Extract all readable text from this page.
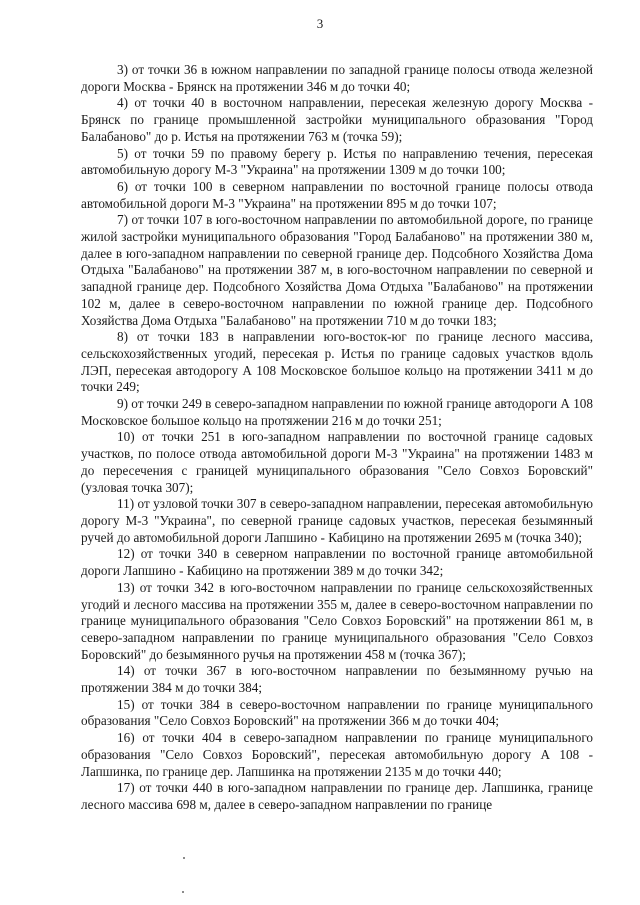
3

3) от точки 36 в южном направлении по западной границе полосы отвода железной дороги Москва - Брянск на протяжении 346 м до точки 40;

4) от точки 40 в восточном направлении, пересекая железную дорогу Москва - Брянск по границе промышленной застройки муниципального образования "Город Балабаново" до р. Истья на протяжении 763 м (точка 59);

5) от точки 59 по правому берегу р. Истья по направлению течения, пересекая автомобильную дорогу М-3 "Украина" на протяжении 1309 м до точки 100;

6) от точки 100 в северном направлении по восточной границе полосы отвода автомобильной дороги М-3 "Украина" на протяжении 895 м до точки 107;

7) от точки 107 в юго-восточном направлении по автомобильной дороге, по границе жилой застройки муниципального образования "Город Балабаново" на протяжении 380 м, далее в юго-западном направлении по северной границе дер. Подсобного Хозяйства Дома Отдыха "Балабаново" на протяжении 387 м, в юго-восточном направлении по северной и западной границе дер. Подсобного Хозяйства Дома Отдыха "Балабаново" на протяжении 102 м, далее в северо-восточном направлении по южной границе дер. Подсобного Хозяйства Дома Отдыха "Балабаново" на протяжении 710 м до точки 183;

8) от точки 183 в направлении юго-восток-юг по границе лесного массива, сельскохозяйственных угодий, пересекая р. Истья по границе садовых участков вдоль ЛЭП, пересекая автодорогу А 108 Московское большое кольцо на протяжении 3411 м до точки 249;

9) от точки 249 в северо-западном направлении по южной границе автодороги А 108 Московское большое кольцо на протяжении 216 м до точки 251;

10) от точки 251 в юго-западном направлении по восточной границе садовых участков, по полосе отвода автомобильной дороги М-3 "Украина" на протяжении 1483 м до пересечения с границей муниципального образования "Село Совхоз Боровский" (узловая точка 307);

11) от узловой точки 307 в северо-западном направлении, пересекая автомобильную дорогу М-3 "Украина", по северной границе садовых участков, пересекая безымянный ручей до автомобильной дороги Лапшино - Кабицино на протяжении 2695 м (точка 340);

12) от точки 340 в северном направлении по восточной границе автомобильной дороги Лапшино - Кабицино на протяжении 389 м до точки 342;

13) от точки 342 в юго-восточном направлении по границе сельскохозяйственных угодий и лесного массива на протяжении 355 м, далее в северо-восточном направлении по границе муниципального образования "Село Совхоз Боровский" на протяжении 861 м, в северо-западном направлении по границе муниципального образования "Село Совхоз Боровский" до безымянного ручья на протяжении 458 м (точка 367);

14) от точки 367 в юго-восточном направлении по безымянному ручью на протяжении 384 м до точки 384;

15) от точки 384 в северо-восточном направлении по границе муниципального образования "Село Совхоз Боровский" на протяжении 366 м до точки 404;

16) от точки 404 в северо-западном направлении по границе муниципального образования "Село Совхоз Боровский", пересекая автомобильную дорогу А 108 - Лапшинка, по границе дер. Лапшинка на протяжении 2135 м до точки 440;

17) от точки 440 в юго-западном направлении по границе дер. Лапшинка, границе лесного массива 698 м, далее в северо-западном направлении по границе
